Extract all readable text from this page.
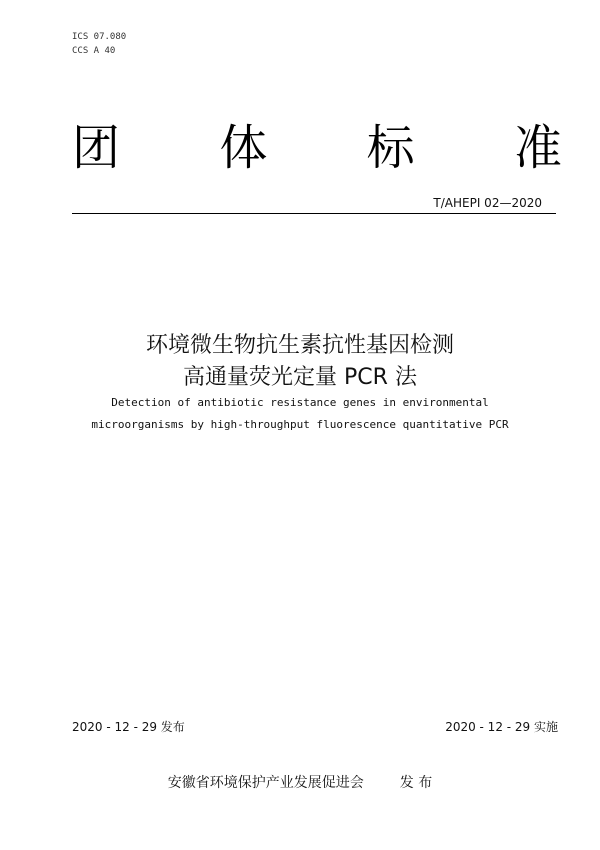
ICS 07.080
CCS A 40
团 体 标 准
T/AHEPI 02—2020
环境微生物抗生素抗性基因检测
高通量荧光定量 PCR 法
Detection of antibiotic resistance genes in environmental
microorganisms by high-throughput fluorescence quantitative PCR
2020 - 12 - 29 发布	2020 - 12 - 29 实施
安徽省环境保护产业发展促进会	发 布
